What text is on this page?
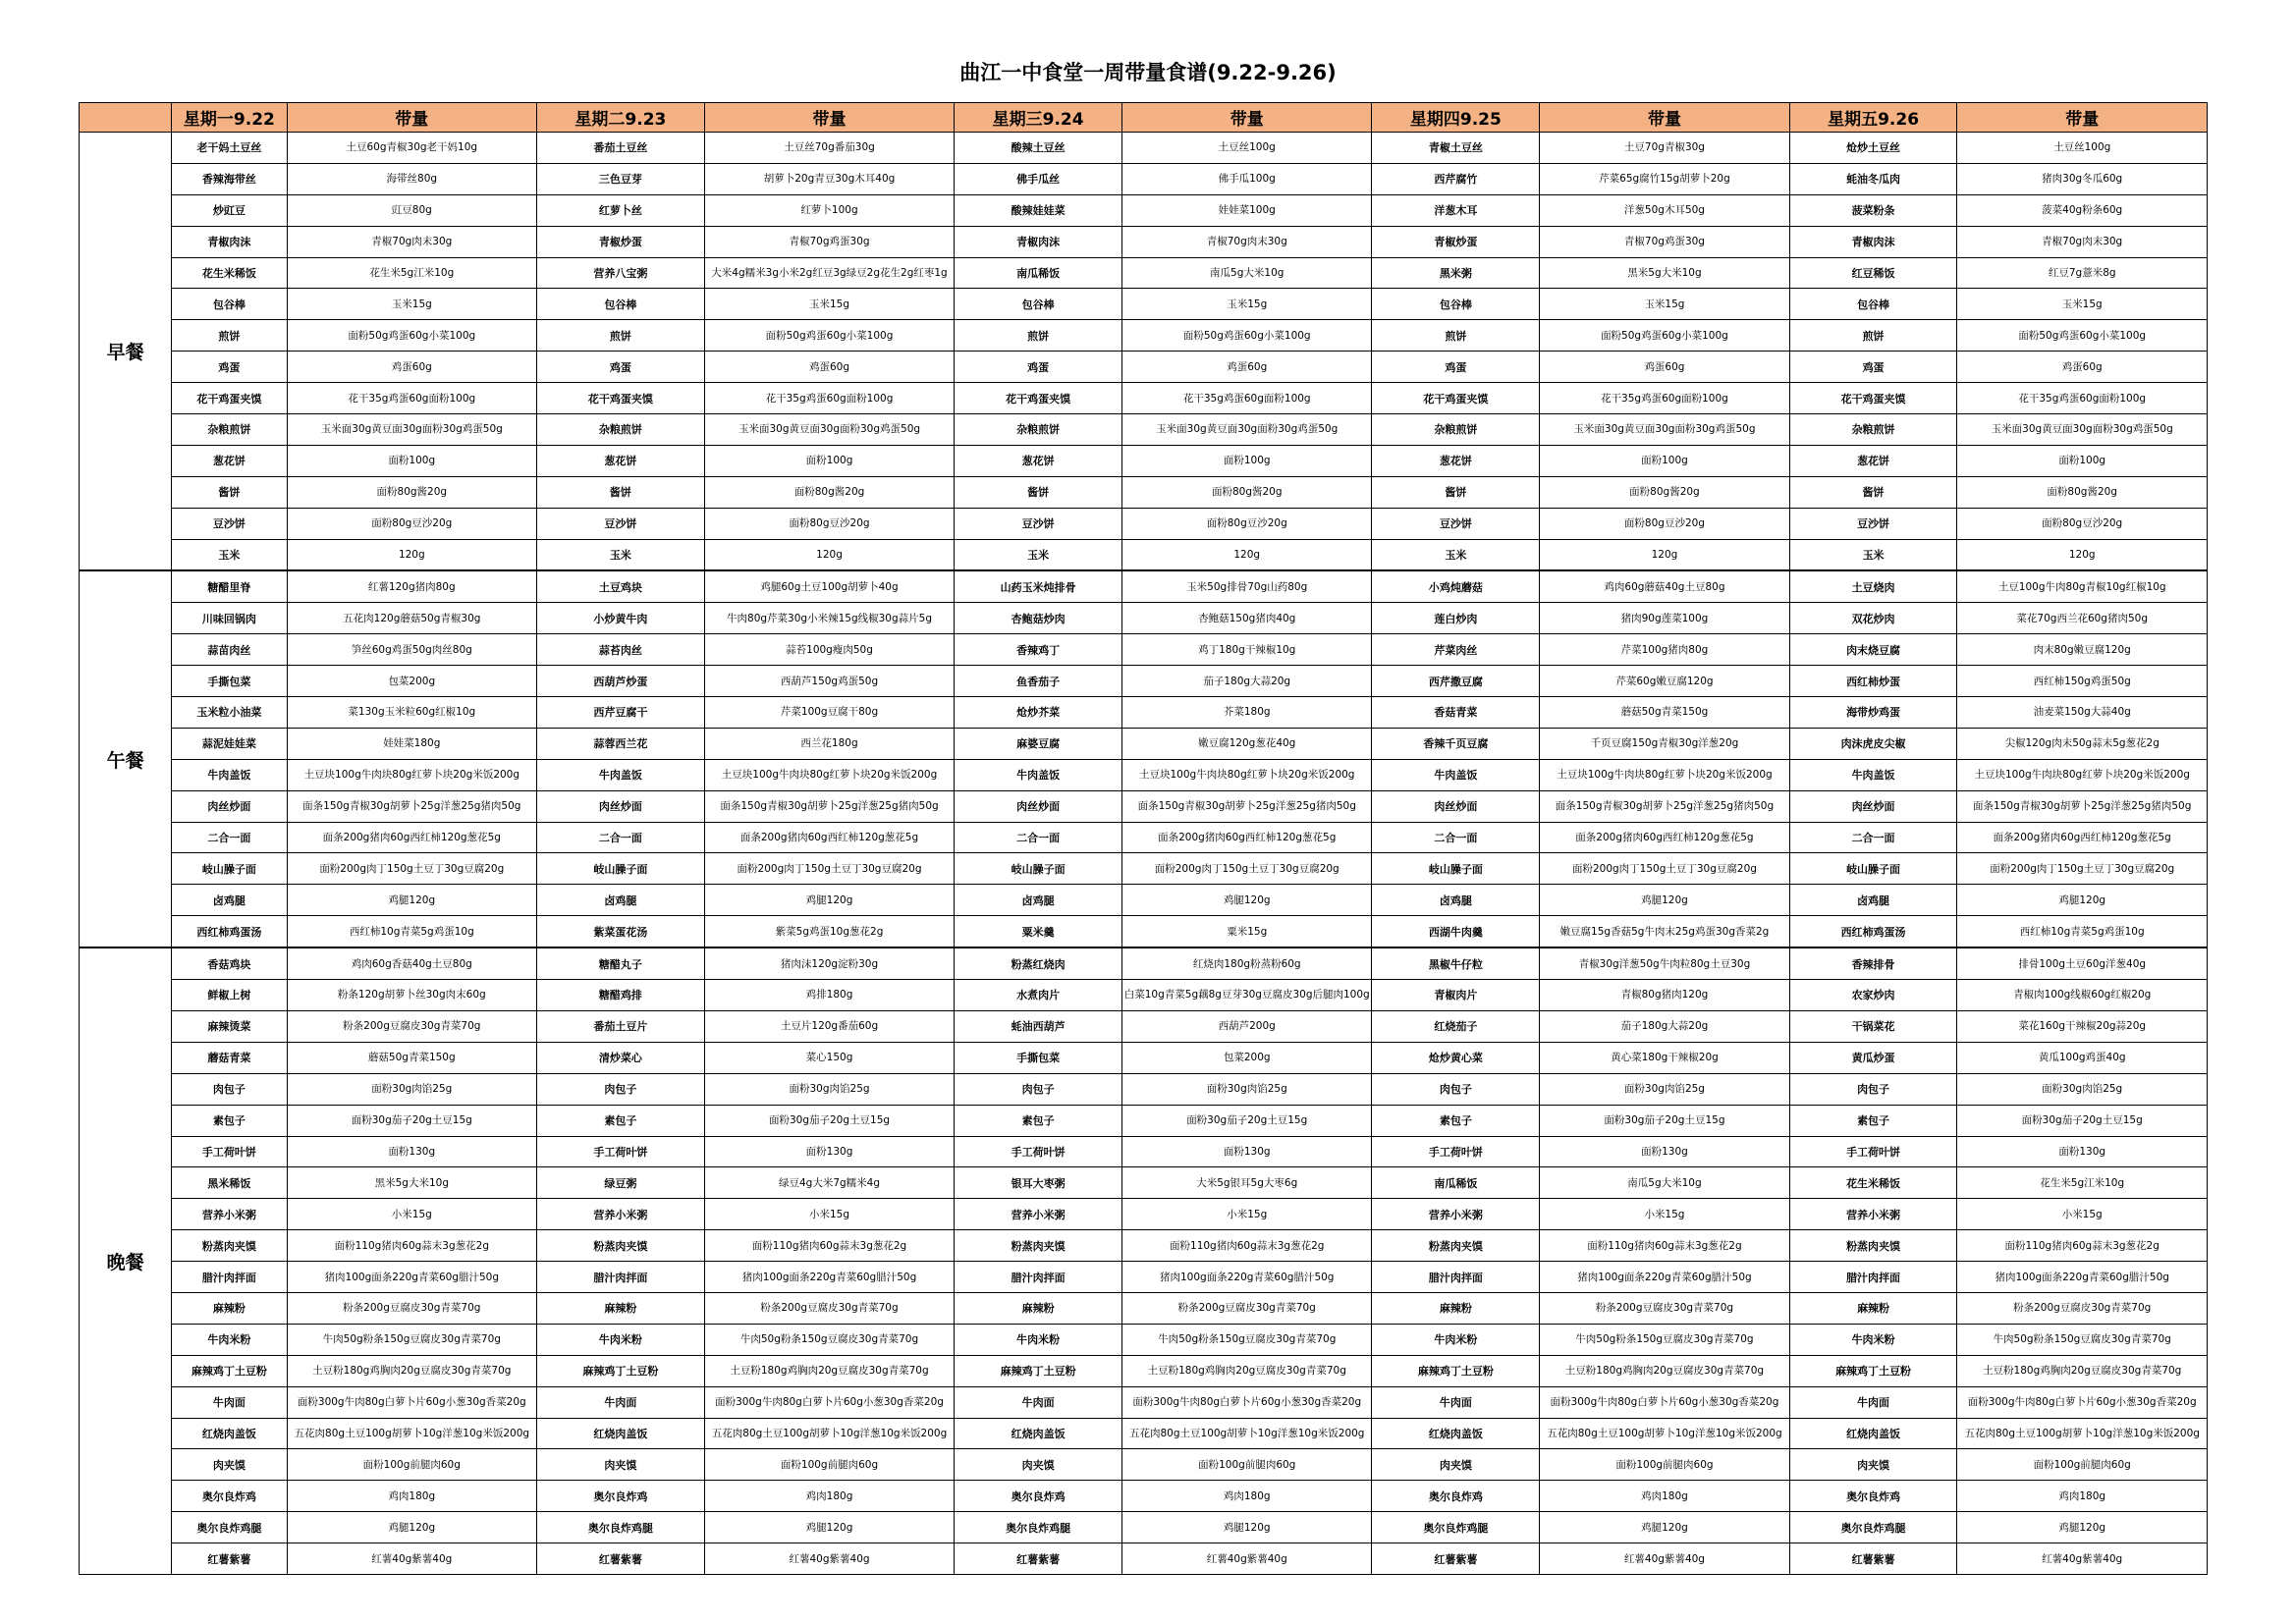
曲江一中食堂一周带量食谱(9.22-9.26)
	星期一9.22	带量	星期二9.23	带量	星期三9.24	带量	星期四9.25	带量	星期五9.26	带量
早餐	老干妈土豆丝	土豆60g青椒30g老干妈10g	番茄土豆丝	土豆丝70g番茄30g	酸辣土豆丝	土豆丝100g	青椒土豆丝	土豆70g青椒30g	炝炒土豆丝	土豆丝100g
	香辣海带丝	海带丝80g	三色豆芽	胡萝卜20g青豆30g木耳40g	佛手瓜丝	佛手瓜100g	西芹腐竹	芹菜65g腐竹15g胡萝卜20g	蚝油冬瓜肉	猪肉30g冬瓜60g
	炒豇豆	豇豆80g	红萝卜丝	红萝卜100g	酸辣娃娃菜	娃娃菜100g	洋葱木耳	洋葱50g木耳50g	菠菜粉条	菠菜40g粉条60g
	青椒肉沫	青椒70g肉末30g	青椒炒蛋	青椒70g鸡蛋30g	青椒肉沫	青椒70g肉末30g	青椒炒蛋	青椒70g鸡蛋30g	青椒肉沫	青椒70g肉末30g
	花生米稀饭	花生米5g江米10g	营养八宝粥	大米4g糯米3g小米2g红豆3g绿豆2g花生2g红枣1g	南瓜稀饭	南瓜5g大米10g	黑米粥	黑米5g大米10g	红豆稀饭	红豆7g薏米8g
	包谷棒	玉米15g	包谷棒	玉米15g	包谷棒	玉米15g	包谷棒	玉米15g	包谷棒	玉米15g
	煎饼	面粉50g鸡蛋60g小菜100g	煎饼	面粉50g鸡蛋60g小菜100g	煎饼	面粉50g鸡蛋60g小菜100g	煎饼	面粉50g鸡蛋60g小菜100g	煎饼	面粉50g鸡蛋60g小菜100g
	鸡蛋	鸡蛋60g	鸡蛋	鸡蛋60g	鸡蛋	鸡蛋60g	鸡蛋	鸡蛋60g	鸡蛋	鸡蛋60g
	花干鸡蛋夹馍	花干35g鸡蛋60g面粉100g	花干鸡蛋夹馍	花干35g鸡蛋60g面粉100g	花干鸡蛋夹馍	花干35g鸡蛋60g面粉100g	花干鸡蛋夹馍	花干35g鸡蛋60g面粉100g	花干鸡蛋夹馍	花干35g鸡蛋60g面粉100g
	杂粮煎饼	玉米面30g黄豆面30g面粉30g鸡蛋50g	杂粮煎饼	玉米面30g黄豆面30g面粉30g鸡蛋50g	杂粮煎饼	玉米面30g黄豆面30g面粉30g鸡蛋50g	杂粮煎饼	玉米面30g黄豆面30g面粉30g鸡蛋50g	杂粮煎饼	玉米面30g黄豆面30g面粉30g鸡蛋50g
	葱花饼	面粉100g	葱花饼	面粉100g	葱花饼	面粉100g	葱花饼	面粉100g	葱花饼	面粉100g
	酱饼	面粉80g酱20g	酱饼	面粉80g酱20g	酱饼	面粉80g酱20g	酱饼	面粉80g酱20g	酱饼	面粉80g酱20g
	豆沙饼	面粉80g豆沙20g	豆沙饼	面粉80g豆沙20g	豆沙饼	面粉80g豆沙20g	豆沙饼	面粉80g豆沙20g	豆沙饼	面粉80g豆沙20g
	玉米	120g	玉米	120g	玉米	120g	玉米	120g	玉米	120g
午餐	糖醋里脊	红薯120g猪肉80g	土豆鸡块	鸡腿60g土豆100g胡萝卜40g	山药玉米炖排骨	玉米50g排骨70g山药80g	小鸡炖蘑菇	鸡肉60g蘑菇40g土豆80g	土豆烧肉	土豆100g牛肉80g青椒10g红椒10g
	川味回锅肉	五花肉120g蘑菇50g青椒30g	小炒黄牛肉	牛肉80g芹菜30g小米辣15g线椒30g蒜片5g	杏鲍菇炒肉	杏鲍菇150g猪肉40g	莲白炒肉	猪肉90g莲菜100g	双花炒肉	菜花70g西兰花60g猪肉50g
	蒜苗肉丝	笋丝60g鸡蛋50g肉丝80g	蒜苔肉丝	蒜苔100g瘦肉50g	香辣鸡丁	鸡丁180g干辣椒10g	芹菜肉丝	芹菜100g猪肉80g	肉末烧豆腐	肉末80g嫩豆腐120g
	手撕包菜	包菜200g	西葫芦炒蛋	西葫芦150g鸡蛋50g	鱼香茄子	茄子180g大蒜20g	西芹撒豆腐	芹菜60g嫩豆腐120g	西红柿炒蛋	西红柿150g鸡蛋50g
	玉米粒小油菜	菜130g玉米粒60g红椒10g	西芹豆腐干	芹菜100g豆腐干80g	炝炒芥菜	芥菜180g	香菇青菜	蘑菇50g青菜150g	海带炒鸡蛋	油麦菜150g大蒜40g
	蒜泥娃娃菜	娃娃菜180g	蒜蓉西兰花	西兰花180g	麻婆豆腐	嫩豆腐120g葱花40g	香辣千页豆腐	千页豆腐150g青椒30g洋葱20g	肉沫虎皮尖椒	尖椒120g肉末50g蒜末5g葱花2g
	牛肉盖饭	土豆块100g牛肉块80g红萝卜块20g米饭200g	牛肉盖饭	土豆块100g牛肉块80g红萝卜块20g米饭200g	牛肉盖饭	土豆块100g牛肉块80g红萝卜块20g米饭200g	牛肉盖饭	土豆块100g牛肉块80g红萝卜块20g米饭200g	牛肉盖饭	土豆块100g牛肉块80g红萝卜块20g米饭200g
	肉丝炒面	面条150g青椒30g胡萝卜25g洋葱25g猪肉50g	肉丝炒面	面条150g青椒30g胡萝卜25g洋葱25g猪肉50g	肉丝炒面	面条150g青椒30g胡萝卜25g洋葱25g猪肉50g	肉丝炒面	面条150g青椒30g胡萝卜25g洋葱25g猪肉50g	肉丝炒面	面条150g青椒30g胡萝卜25g洋葱25g猪肉50g
	二合一面	面条200g猪肉60g西红柿120g葱花5g	二合一面	面条200g猪肉60g西红柿120g葱花5g	二合一面	面条200g猪肉60g西红柿120g葱花5g	二合一面	面条200g猪肉60g西红柿120g葱花5g	二合一面	面条200g猪肉60g西红柿120g葱花5g
	岐山臊子面	面粉200g肉丁150g土豆丁30g豆腐20g	岐山臊子面	面粉200g肉丁150g土豆丁30g豆腐20g	岐山臊子面	面粉200g肉丁150g土豆丁30g豆腐20g	岐山臊子面	面粉200g肉丁150g土豆丁30g豆腐20g	岐山臊子面	面粉200g肉丁150g土豆丁30g豆腐20g
	卤鸡腿	鸡腿120g	卤鸡腿	鸡腿120g	卤鸡腿	鸡腿120g	卤鸡腿	鸡腿120g	卤鸡腿	鸡腿120g
	西红柿鸡蛋汤	西红柿10g青菜5g鸡蛋10g	紫菜蛋花汤	紫菜5g鸡蛋10g葱花2g	粟米羹	粟米15g	西湖牛肉羹	嫩豆腐15g香菇5g牛肉末25g鸡蛋30g香菜2g	西红柿鸡蛋汤	西红柿10g青菜5g鸡蛋10g
晚餐	香菇鸡块	鸡肉60g香菇40g土豆80g	糖醋丸子	猪肉沫120g淀粉30g	粉蒸红烧肉	红烧肉180g粉蒸粉60g	黑椒牛仔粒	青椒30g洋葱50g牛肉粒80g土豆30g	香辣排骨	排骨100g土豆60g洋葱40g
	鲜椒上树	粉条120g胡萝卜丝30g肉末60g	糖醋鸡排	鸡排180g	水煮肉片	白菜10g青菜5g藕8g豆芽30g豆腐皮30g后腿肉100g	青椒肉片	青椒80g猪肉120g	农家炒肉	青椒肉100g线椒60g红椒20g
	麻辣烫菜	粉条200g豆腐皮30g青菜70g	番茄土豆片	土豆片120g番茄60g	蚝油西葫芦	西葫芦200g	红烧茄子	茄子180g大蒜20g	干锅菜花	菜花160g干辣椒20g蒜20g
	蘑菇青菜	蘑菇50g青菜150g	清炒菜心	菜心150g	手撕包菜	包菜200g	炝炒黄心菜	黄心菜180g干辣椒20g	黄瓜炒蛋	黄瓜100g鸡蛋40g
	肉包子	面粉30g肉馅25g	肉包子	面粉30g肉馅25g	肉包子	面粉30g肉馅25g	肉包子	面粉30g肉馅25g	肉包子	面粉30g肉馅25g
	素包子	面粉30g茄子20g土豆15g	素包子	面粉30g茄子20g土豆15g	素包子	面粉30g茄子20g土豆15g	素包子	面粉30g茄子20g土豆15g	素包子	面粉30g茄子20g土豆15g
	手工荷叶饼	面粉130g	手工荷叶饼	面粉130g	手工荷叶饼	面粉130g	手工荷叶饼	面粉130g	手工荷叶饼	面粉130g
	黑米稀饭	黑米5g大米10g	绿豆粥	绿豆4g大米7g糯米4g	银耳大枣粥	大米5g银耳5g大枣6g	南瓜稀饭	南瓜5g大米10g	花生米稀饭	花生米5g江米10g
	营养小米粥	小米15g	营养小米粥	小米15g	营养小米粥	小米15g	营养小米粥	小米15g	营养小米粥	小米15g
	粉蒸肉夹馍	面粉110g猪肉60g蒜末3g葱花2g	粉蒸肉夹馍	面粉110g猪肉60g蒜末3g葱花2g	粉蒸肉夹馍	面粉110g猪肉60g蒜末3g葱花2g	粉蒸肉夹馍	面粉110g猪肉60g蒜末3g葱花2g	粉蒸肉夹馍	面粉110g猪肉60g蒜末3g葱花2g
	腊汁肉拌面	猪肉100g面条220g青菜60g腊汁50g	腊汁肉拌面	猪肉100g面条220g青菜60g腊汁50g	腊汁肉拌面	猪肉100g面条220g青菜60g腊汁50g	腊汁肉拌面	猪肉100g面条220g青菜60g腊汁50g	腊汁肉拌面	猪肉100g面条220g青菜60g腊汁50g
	麻辣粉	粉条200g豆腐皮30g青菜70g	麻辣粉	粉条200g豆腐皮30g青菜70g	麻辣粉	粉条200g豆腐皮30g青菜70g	麻辣粉	粉条200g豆腐皮30g青菜70g	麻辣粉	粉条200g豆腐皮30g青菜70g
	牛肉米粉	牛肉50g粉条150g豆腐皮30g青菜70g	牛肉米粉	牛肉50g粉条150g豆腐皮30g青菜70g	牛肉米粉	牛肉50g粉条150g豆腐皮30g青菜70g	牛肉米粉	牛肉50g粉条150g豆腐皮30g青菜70g	牛肉米粉	牛肉50g粉条150g豆腐皮30g青菜70g
	麻辣鸡丁土豆粉	土豆粉180g鸡胸肉20g豆腐皮30g青菜70g	麻辣鸡丁土豆粉	土豆粉180g鸡胸肉20g豆腐皮30g青菜70g	麻辣鸡丁土豆粉	土豆粉180g鸡胸肉20g豆腐皮30g青菜70g	麻辣鸡丁土豆粉	土豆粉180g鸡胸肉20g豆腐皮30g青菜70g	麻辣鸡丁土豆粉	土豆粉180g鸡胸肉20g豆腐皮30g青菜70g
	牛肉面	面粉300g牛肉80g白萝卜片60g小葱30g香菜20g	牛肉面	面粉300g牛肉80g白萝卜片60g小葱30g香菜20g	牛肉面	面粉300g牛肉80g白萝卜片60g小葱30g香菜20g	牛肉面	面粉300g牛肉80g白萝卜片60g小葱30g香菜20g	牛肉面	面粉300g牛肉80g白萝卜片60g小葱30g香菜20g
	红烧肉盖饭	五花肉80g土豆100g胡萝卜10g洋葱10g米饭200g	红烧肉盖饭	五花肉80g土豆100g胡萝卜10g洋葱10g米饭200g	红烧肉盖饭	五花肉80g土豆100g胡萝卜10g洋葱10g米饭200g	红烧肉盖饭	五花肉80g土豆100g胡萝卜10g洋葱10g米饭200g	红烧肉盖饭	五花肉80g土豆100g胡萝卜10g洋葱10g米饭200g
	肉夹馍	面粉100g前腿肉60g	肉夹馍	面粉100g前腿肉60g	肉夹馍	面粉100g前腿肉60g	肉夹馍	面粉100g前腿肉60g	肉夹馍	面粉100g前腿肉60g
	奥尔良炸鸡	鸡肉180g	奥尔良炸鸡	鸡肉180g	奥尔良炸鸡	鸡肉180g	奥尔良炸鸡	鸡肉180g	奥尔良炸鸡	鸡肉180g
	奥尔良炸鸡腿	鸡腿120g	奥尔良炸鸡腿	鸡腿120g	奥尔良炸鸡腿	鸡腿120g	奥尔良炸鸡腿	鸡腿120g	奥尔良炸鸡腿	鸡腿120g
	红薯紫薯	红薯40g紫薯40g	红薯紫薯	红薯40g紫薯40g	红薯紫薯	红薯40g紫薯40g	红薯紫薯	红薯40g紫薯40g	红薯紫薯	红薯40g紫薯40g
